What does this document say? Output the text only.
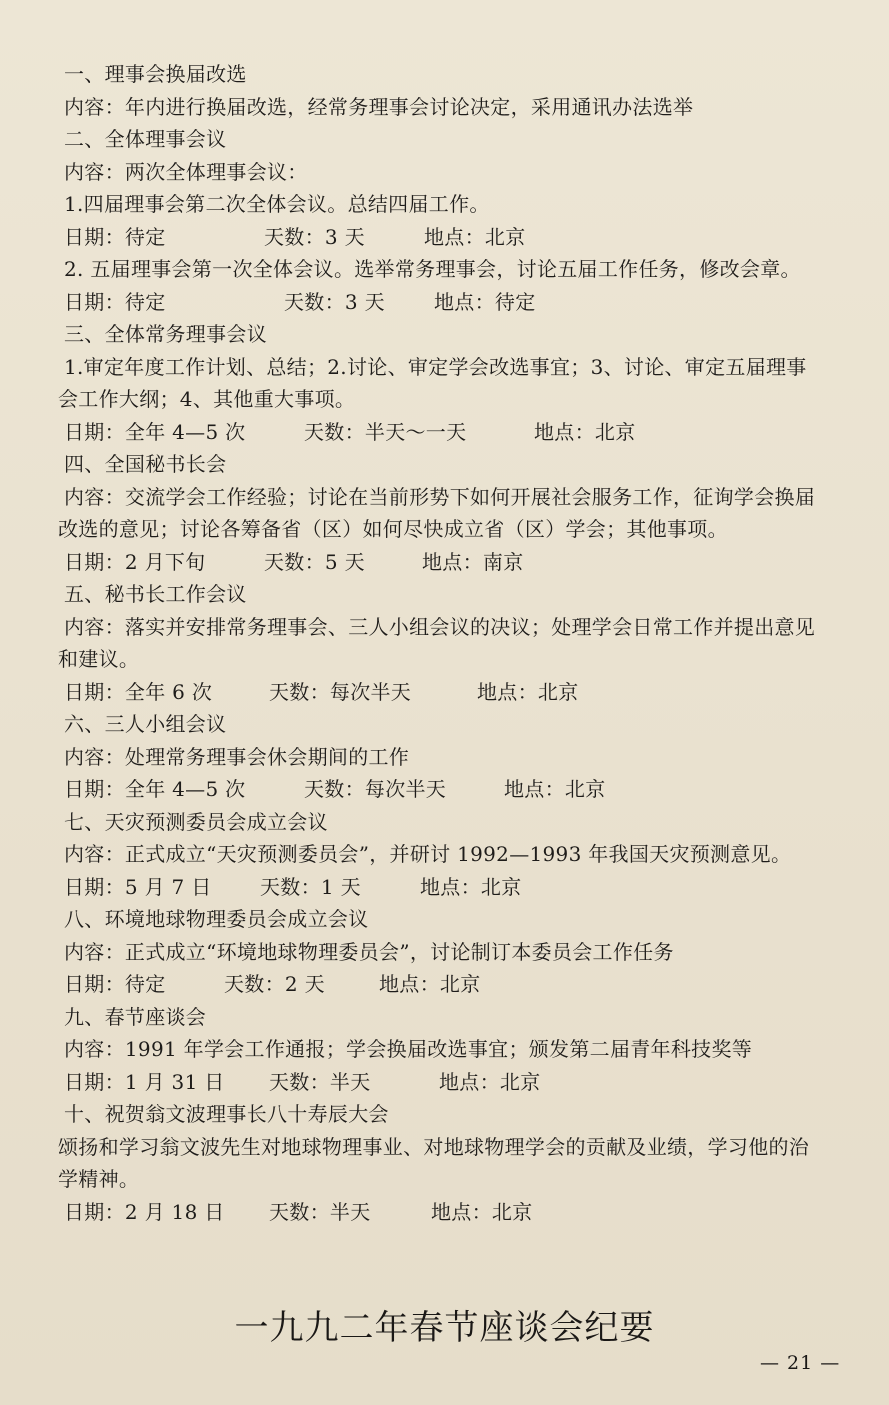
一、理事会换届改选
内容：年内进行换届改选，经常务理事会讨论决定，采用通讯办法选举
二、全体理事会议
内容：两次全体理事会议：
1.四届理事会第二次全体会议。总结四届工作。
日期：待定	天数：3 天	地点：北京
2. 五届理事会第一次全体会议。选举常务理事会，讨论五届工作任务，修改会章。
日期：待定	天数：3 天 地点：待定
三、全体常务理事会议
1.审定年度工作计划、总结；2.讨论、审定学会改选事宜；3、讨论、审定五届理事
会工作大纲；4、其他重大事项。
日期：全年 4—5 次	天数：半天～一天	地点：北京
四、全国秘书长会
内容：交流学会工作经验；讨论在当前形势下如何开展社会服务工作，征询学会换届
改选的意见；讨论各筹备省（区）如何尽快成立省（区）学会；其他事项。
日期：2 月下旬	天数：5 天	地点：南京
五、秘书长工作会议
内容：落实并安排常务理事会、三人小组会议的决议；处理学会日常工作并提出意见
和建议。
日期：全年 6 次	天数：每次半天	地点：北京
六、三人小组会议
内容：处理常务理事会休会期间的工作
日期：全年 4—5 次	天数：每次半天	地点：北京
七、天灾预测委员会成立会议
内容：正式成立“天灾预测委员会”，并研讨 1992—1993 年我国天灾预测意见。
日期：5 月 7 日 天数：1 天	地点：北京
八、环境地球物理委员会成立会议
内容：正式成立“环境地球物理委员会”，讨论制订本委员会工作任务
日期：待定	天数：2 天	地点：北京
九、春节座谈会
内容：1991 年学会工作通报；学会换届改选事宜；颁发第二届青年科技奖等
日期：1 月 31 日 天数：半天	地点：北京
十、祝贺翁文波理事长八十寿辰大会
颂扬和学习翁文波先生对地球物理事业、对地球物理学会的贡献及业绩，学习他的治
学精神。
日期：2 月 18 日 天数：半天	地点：北京
一九九二年春节座谈会纪要
— 21 —
